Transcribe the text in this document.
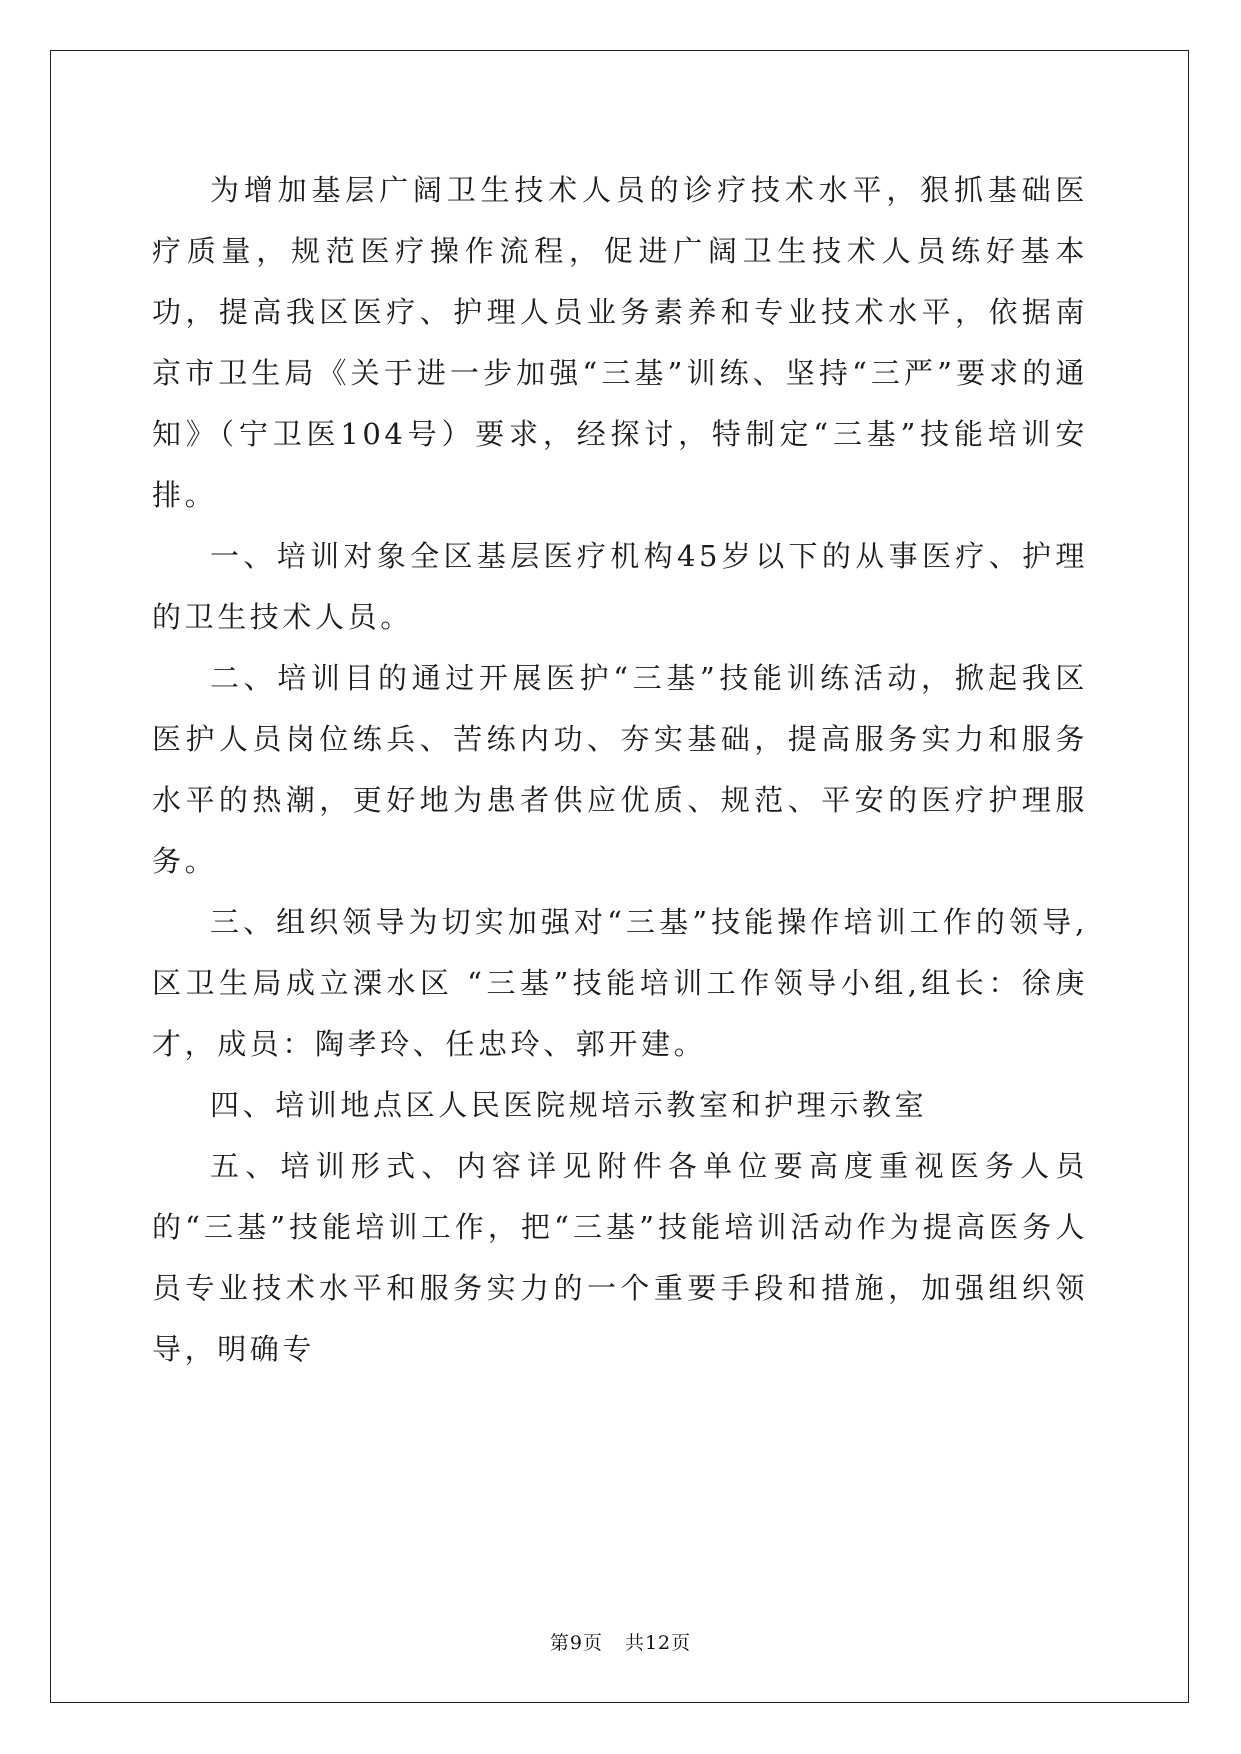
为增加基层广阔卫生技术人员的诊疗技术水平，狠抓基础医疗质量，规范医疗操作流程，促进广阔卫生技术人员练好基本功，提高我区医疗、护理人员业务素养和专业技术水平，依据南京市卫生局《关于进一步加强“三基”训练、坚持“三严”要求的通知》（宁卫医104号）要求，经探讨，特制定“三基”技能培训安排。

一、培训对象全区基层医疗机构45岁以下的从事医疗、护理的卫生技术人员。

二、培训目的通过开展医护“三基”技能训练活动，掀起我区医护人员岗位练兵、苦练内功、夯实基础，提高服务实力和服务水平的热潮，更好地为患者供应优质、规范、平安的医疗护理服务。

三、组织领导为切实加强对“三基”技能操作培训工作的领导,区卫生局成立溧水区 “三基”技能培训工作领导小组,组长：徐庚才，成员：陶孝玲、任忠玲、郭开建。

四、培训地点区人民医院规培示教室和护理示教室

五、培训形式、内容详见附件各单位要高度重视医务人员的“三基”技能培训工作，把“三基”技能培训活动作为提高医务人员专业技术水平和服务实力的一个重要手段和措施，加强组织领导，明确专

第9页 共12页
